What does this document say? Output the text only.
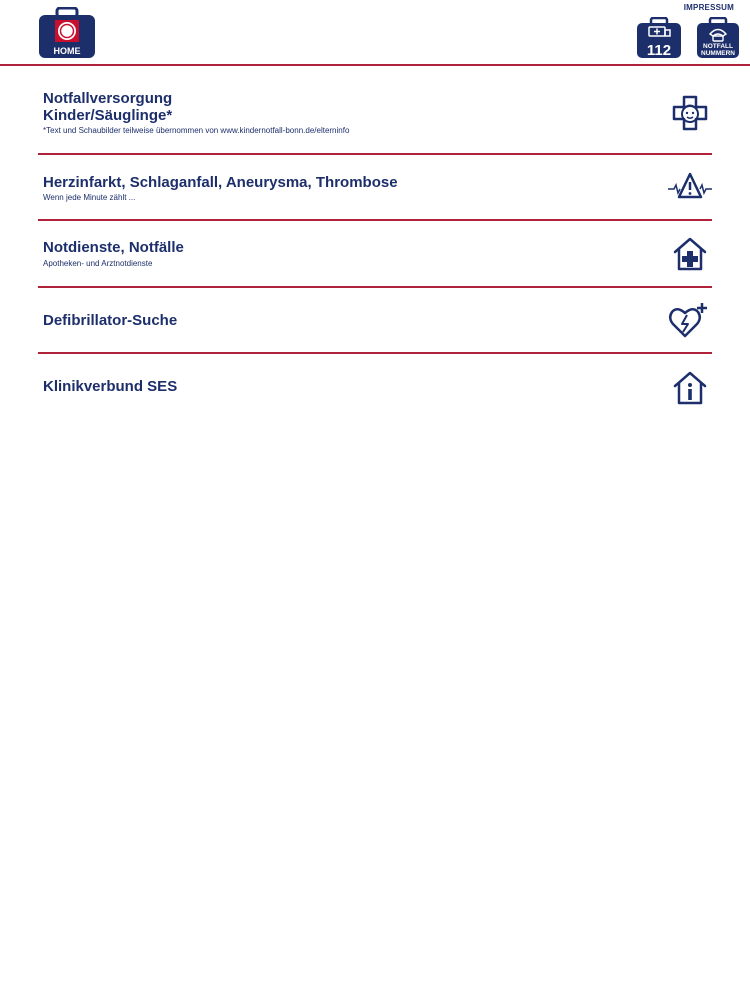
HOME	112	NOTFALL
NUMMERN
IMPRESSUM
Notfallversorgung
Kinder/Säuglinge*
*Text und Schaubilder teilweise übernommen von www.kindernotfall-bonn.de/elterninfo
Herzinfarkt, Schlaganfall, Aneurysma, Thrombose
Wenn jede Minute zählt ...
Notdienste, Notfälle
Apotheken- und Arztnotdienste
Defibrillator-Suche
Klinikverbund SES
